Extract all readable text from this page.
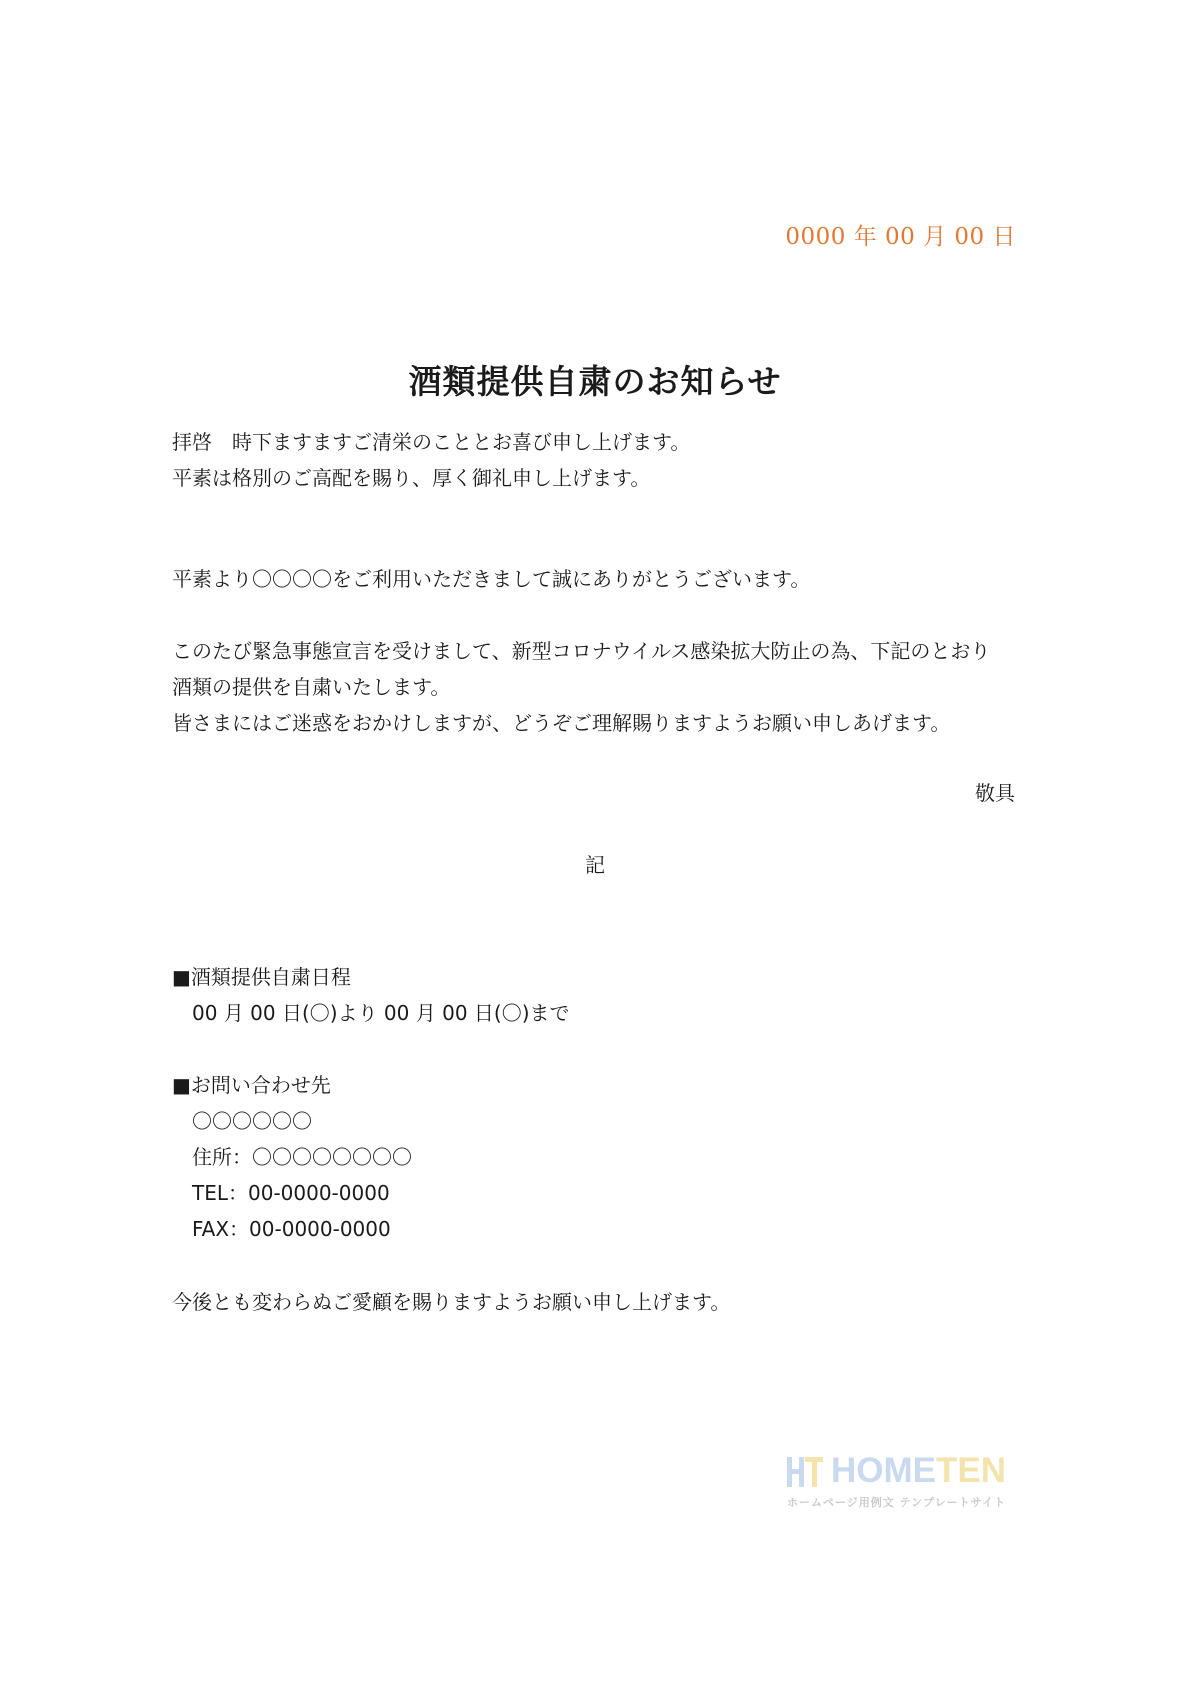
0000 年 00 月 00 日
酒類提供自粛のお知らせ
拝啓　時下ますますご清栄のこととお喜び申し上げます。
平素は格別のご高配を賜り、厚く御礼申し上げます。
平素より〇〇〇〇をご利用いただきまして誠にありがとうございます。
このたび緊急事態宣言を受けまして、新型コロナウイルス感染拡大防止の為、下記のとおり
酒類の提供を自粛いたします。
皆さまにはご迷惑をおかけしますが、どうぞご理解賜りますようお願い申しあげます。
敬具
記
■酒類提供自粛日程
00 月 00 日(〇)より 00 月 00 日(〇)まで
■お問い合わせ先
〇〇〇〇〇〇
住所：〇〇〇〇〇〇〇〇
TEL：00-0000-0000
FAX：00-0000-0000
今後とも変わらぬご愛顧を賜りますようお願い申し上げます。
HOMETEN
ホームページ用例文 テンプレートサイト
